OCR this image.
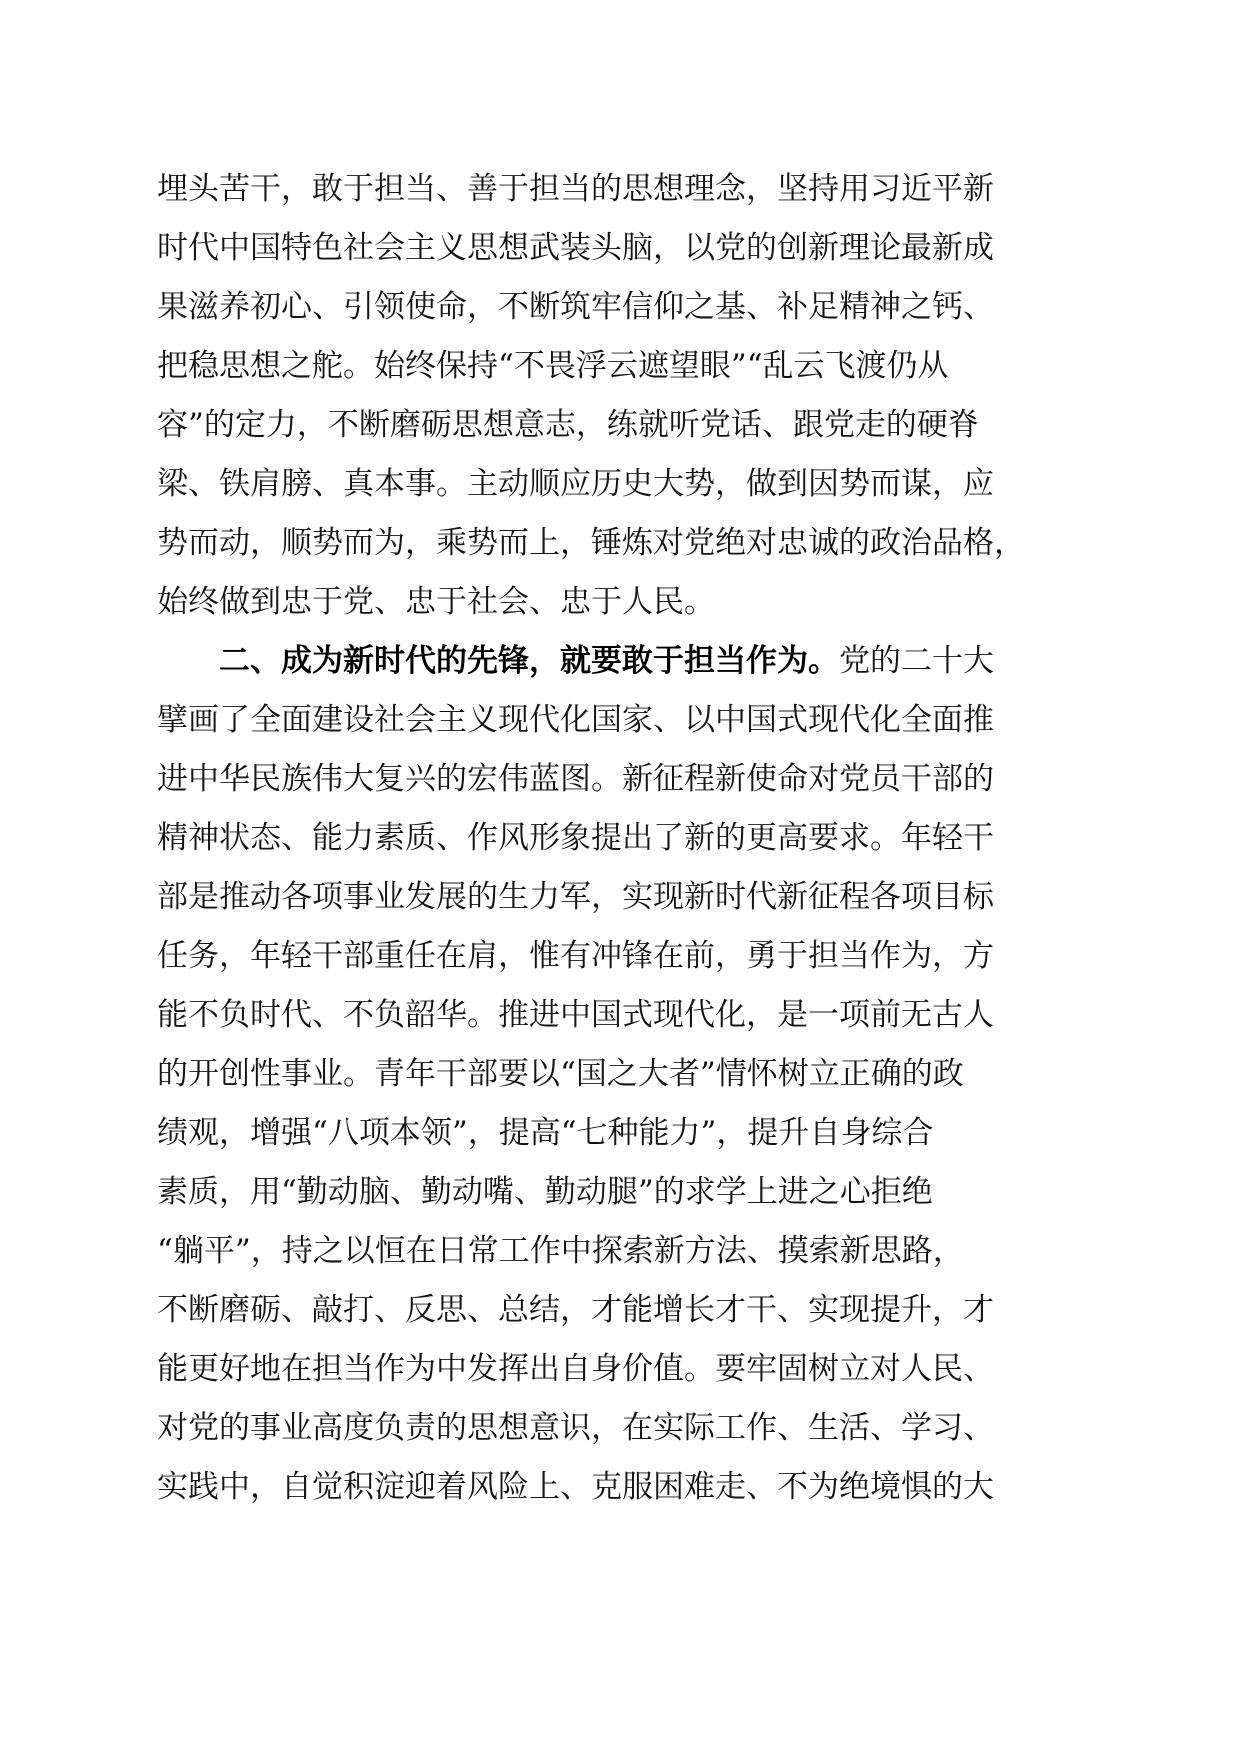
埋头苦干，敢于担当、善于担当的思想理念，坚持用习近平新
时代中国特色社会主义思想武装头脑，以党的创新理论最新成
果滋养初心、引领使命，不断筑牢信仰之基、补足精神之钙、
把稳思想之舵。始终保持“不畏浮云遮望眼”“乱云飞渡仍从
容”的定力，不断磨砺思想意志，练就听党话、跟党走的硬脊
梁、铁肩膀、真本事。主动顺应历史大势，做到因势而谋，应
势而动，顺势而为，乘势而上，锤炼对党绝对忠诚的政治品格，
始终做到忠于党、忠于社会、忠于人民。
二、成为新时代的先锋，就要敢于担当作为。党的二十大
擘画了全面建设社会主义现代化国家、以中国式现代化全面推
进中华民族伟大复兴的宏伟蓝图。新征程新使命对党员干部的
精神状态、能力素质、作风形象提出了新的更高要求。年轻干
部是推动各项事业发展的生力军，实现新时代新征程各项目标
任务，年轻干部重任在肩，惟有冲锋在前，勇于担当作为，方
能不负时代、不负韶华。推进中国式现代化，是一项前无古人
的开创性事业。青年干部要以“国之大者”情怀树立正确的政
绩观，增强“八项本领”，提高“七种能力”，提升自身综合
素质，用“勤动脑、勤动嘴、勤动腿”的求学上进之心拒绝
“躺平”，持之以恒在日常工作中探索新方法、摸索新思路，
不断磨砺、敲打、反思、总结，才能增长才干、实现提升，才
能更好地在担当作为中发挥出自身价值。要牢固树立对人民、
对党的事业高度负责的思想意识，在实际工作、生活、学习、
实践中，自觉积淀迎着风险上、克服困难走、不为绝境惧的大
